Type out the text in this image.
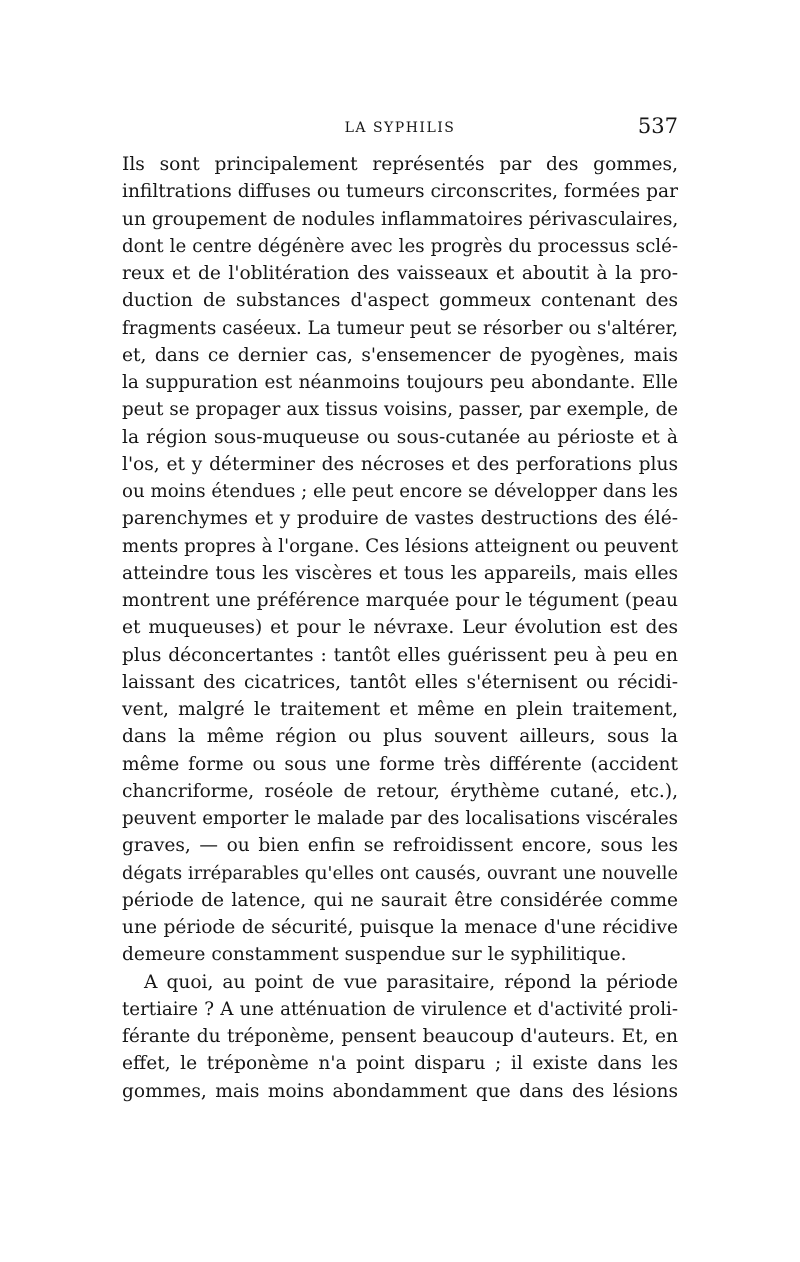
LA SYPHILIS	537
Ils sont principalement représentés par des gommes,
infiltrations diffuses ou tumeurs circonscrites, formées par
un groupement de nodules inflammatoires périvasculaires,
dont le centre dégénère avec les progrès du processus sclé-
reux et de l'oblitération des vaisseaux et aboutit à la pro-
duction de substances d'aspect gommeux contenant des
fragments caséeux. La tumeur peut se résorber ou s'altérer,
et, dans ce dernier cas, s'ensemencer de pyogènes, mais
la suppuration est néanmoins toujours peu abondante. Elle
peut se propager aux tissus voisins, passer, par exemple, de
la région sous-muqueuse ou sous-cutanée au périoste et à
l'os, et y déterminer des nécroses et des perforations plus
ou moins étendues ; elle peut encore se développer dans les
parenchymes et y produire de vastes destructions des élé-
ments propres à l'organe. Ces lésions atteignent ou peuvent
atteindre tous les viscères et tous les appareils, mais elles
montrent une préférence marquée pour le tégument (peau
et muqueuses) et pour le névraxe. Leur évolution est des
plus déconcertantes : tantôt elles guérissent peu à peu en
laissant des cicatrices, tantôt elles s'éternisent ou récidi-
vent, malgré le traitement et même en plein traitement,
dans la même région ou plus souvent ailleurs, sous la
même forme ou sous une forme très différente (accident
chancriforme, roséole de retour, érythème cutané, etc.),
peuvent emporter le malade par des localisations viscérales
graves, — ou bien enfin se refroidissent encore, sous les
dégats irréparables qu'elles ont causés, ouvrant une nouvelle
période de latence, qui ne saurait être considérée comme
une période de sécurité, puisque la menace d'une récidive
demeure constamment suspendue sur le syphilitique.
A quoi, au point de vue parasitaire, répond la période
tertiaire ? A une atténuation de virulence et d'activité proli-
férante du tréponème, pensent beaucoup d'auteurs. Et, en
effet, le tréponème n'a point disparu ; il existe dans les
gommes, mais moins abondamment que dans des lésions
